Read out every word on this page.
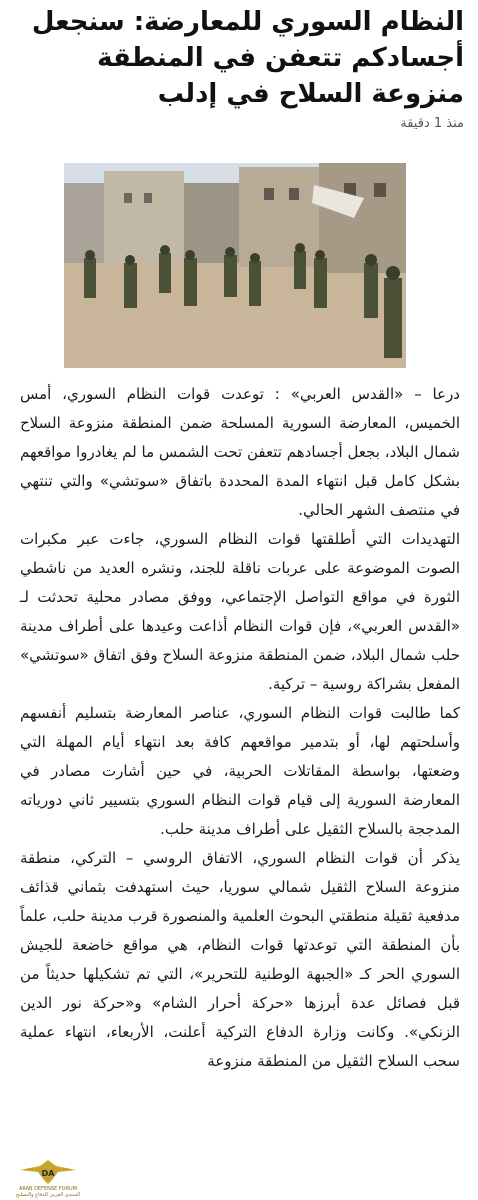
النظام السوري للمعارضة: سنجعل أجسادكم تتعفن في المنطقة منزوعة السلاح في إدلب
منذ 1 دقيقة

درعا – «القدس العربي» : توعدت قوات النظام السوري، أمس الخميس، المعارضة السورية المسلحة ضمن المنطقة منزوعة السلاح شمال البلاد، بجعل أجسادهم تتعفن تحت الشمس ما لم يغادروا مواقعهم بشكل كامل قبل انتهاء المدة المحددة باتفاق «سوتشي» والتي تنتهي في منتصف الشهر الحالي.

التهديدات التي أطلقتها قوات النظام السوري، جاءت عبر مكبرات الصوت الموضوعة على عربات ناقلة للجند، ونشره العديد من ناشطي الثورة في مواقع التواصل الإجتماعي، ووفق مصادر محلية تحدثت لـ «القدس العربي»، فإن قوات النظام أذاعت وعيدها على أطراف مدينة حلب شمال البلاد، ضمن المنطقة منزوعة السلاح وفق اتفاق «سوتشي» المفعل بشراكة روسية – تركية.

كما طالبت قوات النظام السوري، عناصر المعارضة بتسليم أنفسهم وأسلحتهم لها، أو بتدمير مواقعهم كافة بعد انتهاء أيام المهلة التي وضعتها، بواسطة المقاتلات الحربية، في حين أشارت مصادر في المعارضة السورية إلى قيام قوات النظام السوري بتسيير ثاني دورياته المدججة بالسلاح الثقيل على أطراف مدينة حلب.

يذكر أن قوات النظام السوري، الاتفاق الروسي – التركي، منطقة منزوعة السلاح الثقيل شمالي سوريا، حيث استهدفت بثماني قذائف مدفعية ثقيلة منطقتي البحوث العلمية والمنصورة قرب مدينة حلب، علماً بأن المنطقة التي توعدتها قوات النظام، هي مواقع خاضعة للجيش السوري الحر كـ «الجبهة الوطنية للتحرير»، التي تم تشكيلها حديثاً من قبل فصائل عدة أبرزها «حركة أحرار الشام» و«حركة نور الدين الزنكي». وكانت وزارة الدفاع التركية أعلنت، الأربعاء، انتهاء عملية سحب السلاح الثقيل من المنطقة منزوعة

DA
ARAB DEFENSE FORUM
المنتدى العربي للدفاع والتسليح
